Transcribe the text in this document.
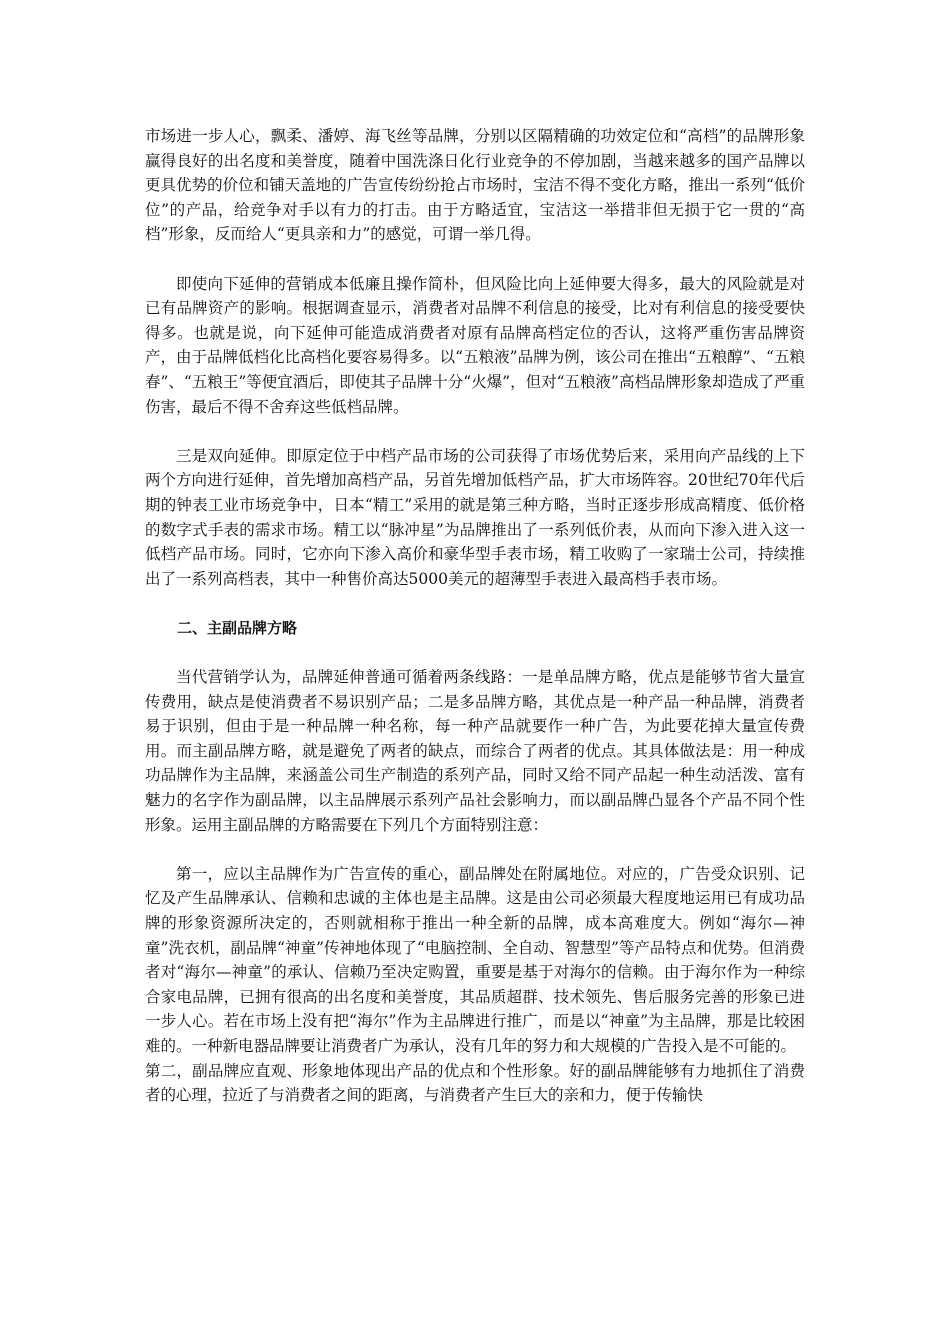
市场进一步人心，飘柔、潘婷、海飞丝等品牌，分别以区隔精确的功效定位和“高档”的品牌形象赢得良好的出名度和美誉度，随着中国洗涤日化行业竞争的不停加剧，当越来越多的国产品牌以更具优势的价位和铺天盖地的广告宣传纷纷抢占市场时，宝洁不得不变化方略，推出一系列“低价位”的产品，给竞争对手以有力的打击。由于方略适宜，宝洁这一举措非但无损于它一贯的“高档”形象，反而给人“更具亲和力”的感觉，可谓一举几得。

即使向下延伸的营销成本低廉且操作简朴，但风险比向上延伸要大得多，最大的风险就是对已有品牌资产的影响。根据调查显示，消费者对品牌不利信息的接受，比对有利信息的接受要快得多。也就是说，向下延伸可能造成消费者对原有品牌高档定位的否认，这将严重伤害品牌资产，由于品牌低档化比高档化要容易得多。以“五粮液”品牌为例，该公司在推出“五粮醇”、“五粮春”、“五粮王”等便宜酒后，即使其子品牌十分“火爆”，但对“五粮液”高档品牌形象却造成了严重伤害，最后不得不舍弃这些低档品牌。

三是双向延伸。即原定位于中档产品市场的公司获得了市场优势后来，采用向产品线的上下两个方向进行延伸，首先增加高档产品，另首先增加低档产品，扩大市场阵容。20世纪70年代后期的钟表工业市场竞争中，日本“精工”采用的就是第三种方略，当时正逐步形成高精度、低价格的数字式手表的需求市场。精工以“脉冲星”为品牌推出了一系列低价表，从而向下渗入进入这一低档产品市场。同时，它亦向下渗入高价和豪华型手表市场，精工收购了一家瑞士公司，持续推出了一系列高档表，其中一种售价高达5000美元的超薄型手表进入最高档手表市场。

二、主副品牌方略

当代营销学认为，品牌延伸普通可循着两条线路：一是单品牌方略，优点是能够节省大量宣传费用，缺点是使消费者不易识别产品；二是多品牌方略，其优点是一种产品一种品牌，消费者易于识别，但由于是一种品牌一种名称，每一种产品就要作一种广告，为此要花掉大量宣传费用。而主副品牌方略，就是避免了两者的缺点，而综合了两者的优点。其具体做法是：用一种成功品牌作为主品牌，来涵盖公司生产制造的系列产品，同时又给不同产品起一种生动活泼、富有魅力的名字作为副品牌，以主品牌展示系列产品社会影响力，而以副品牌凸显各个产品不同个性形象。运用主副品牌的方略需要在下列几个方面特别注意：

第一，应以主品牌作为广告宣传的重心，副品牌处在附属地位。对应的，广告受众识别、记忆及产生品牌承认、信赖和忠诚的主体也是主品牌。这是由公司必须最大程度地运用已有成功品牌的形象资源所决定的，否则就相称于推出一种全新的品牌，成本高难度大。例如“海尔—神童”洗衣机，副品牌“神童”传神地体现了“电脑控制、全自动、智慧型”等产品特点和优势。但消费者对“海尔—神童”的承认、信赖乃至决定购置，重要是基于对海尔的信赖。由于海尔作为一种综合家电品牌，已拥有很高的出名度和美誉度，其品质超群、技术领先、售后服务完善的形象已进一步人心。若在市场上没有把“海尔”作为主品牌进行推广，而是以“神童”为主品牌，那是比较困难的。一种新电器品牌要让消费者广为承认，没有几年的努力和大规模的广告投入是不可能的。

第二，副品牌应直观、形象地体现出产品的优点和个性形象。好的副品牌能够有力地抓住了消费者的心理，拉近了与消费者之间的距离，与消费者产生巨大的亲和力，便于传输快
